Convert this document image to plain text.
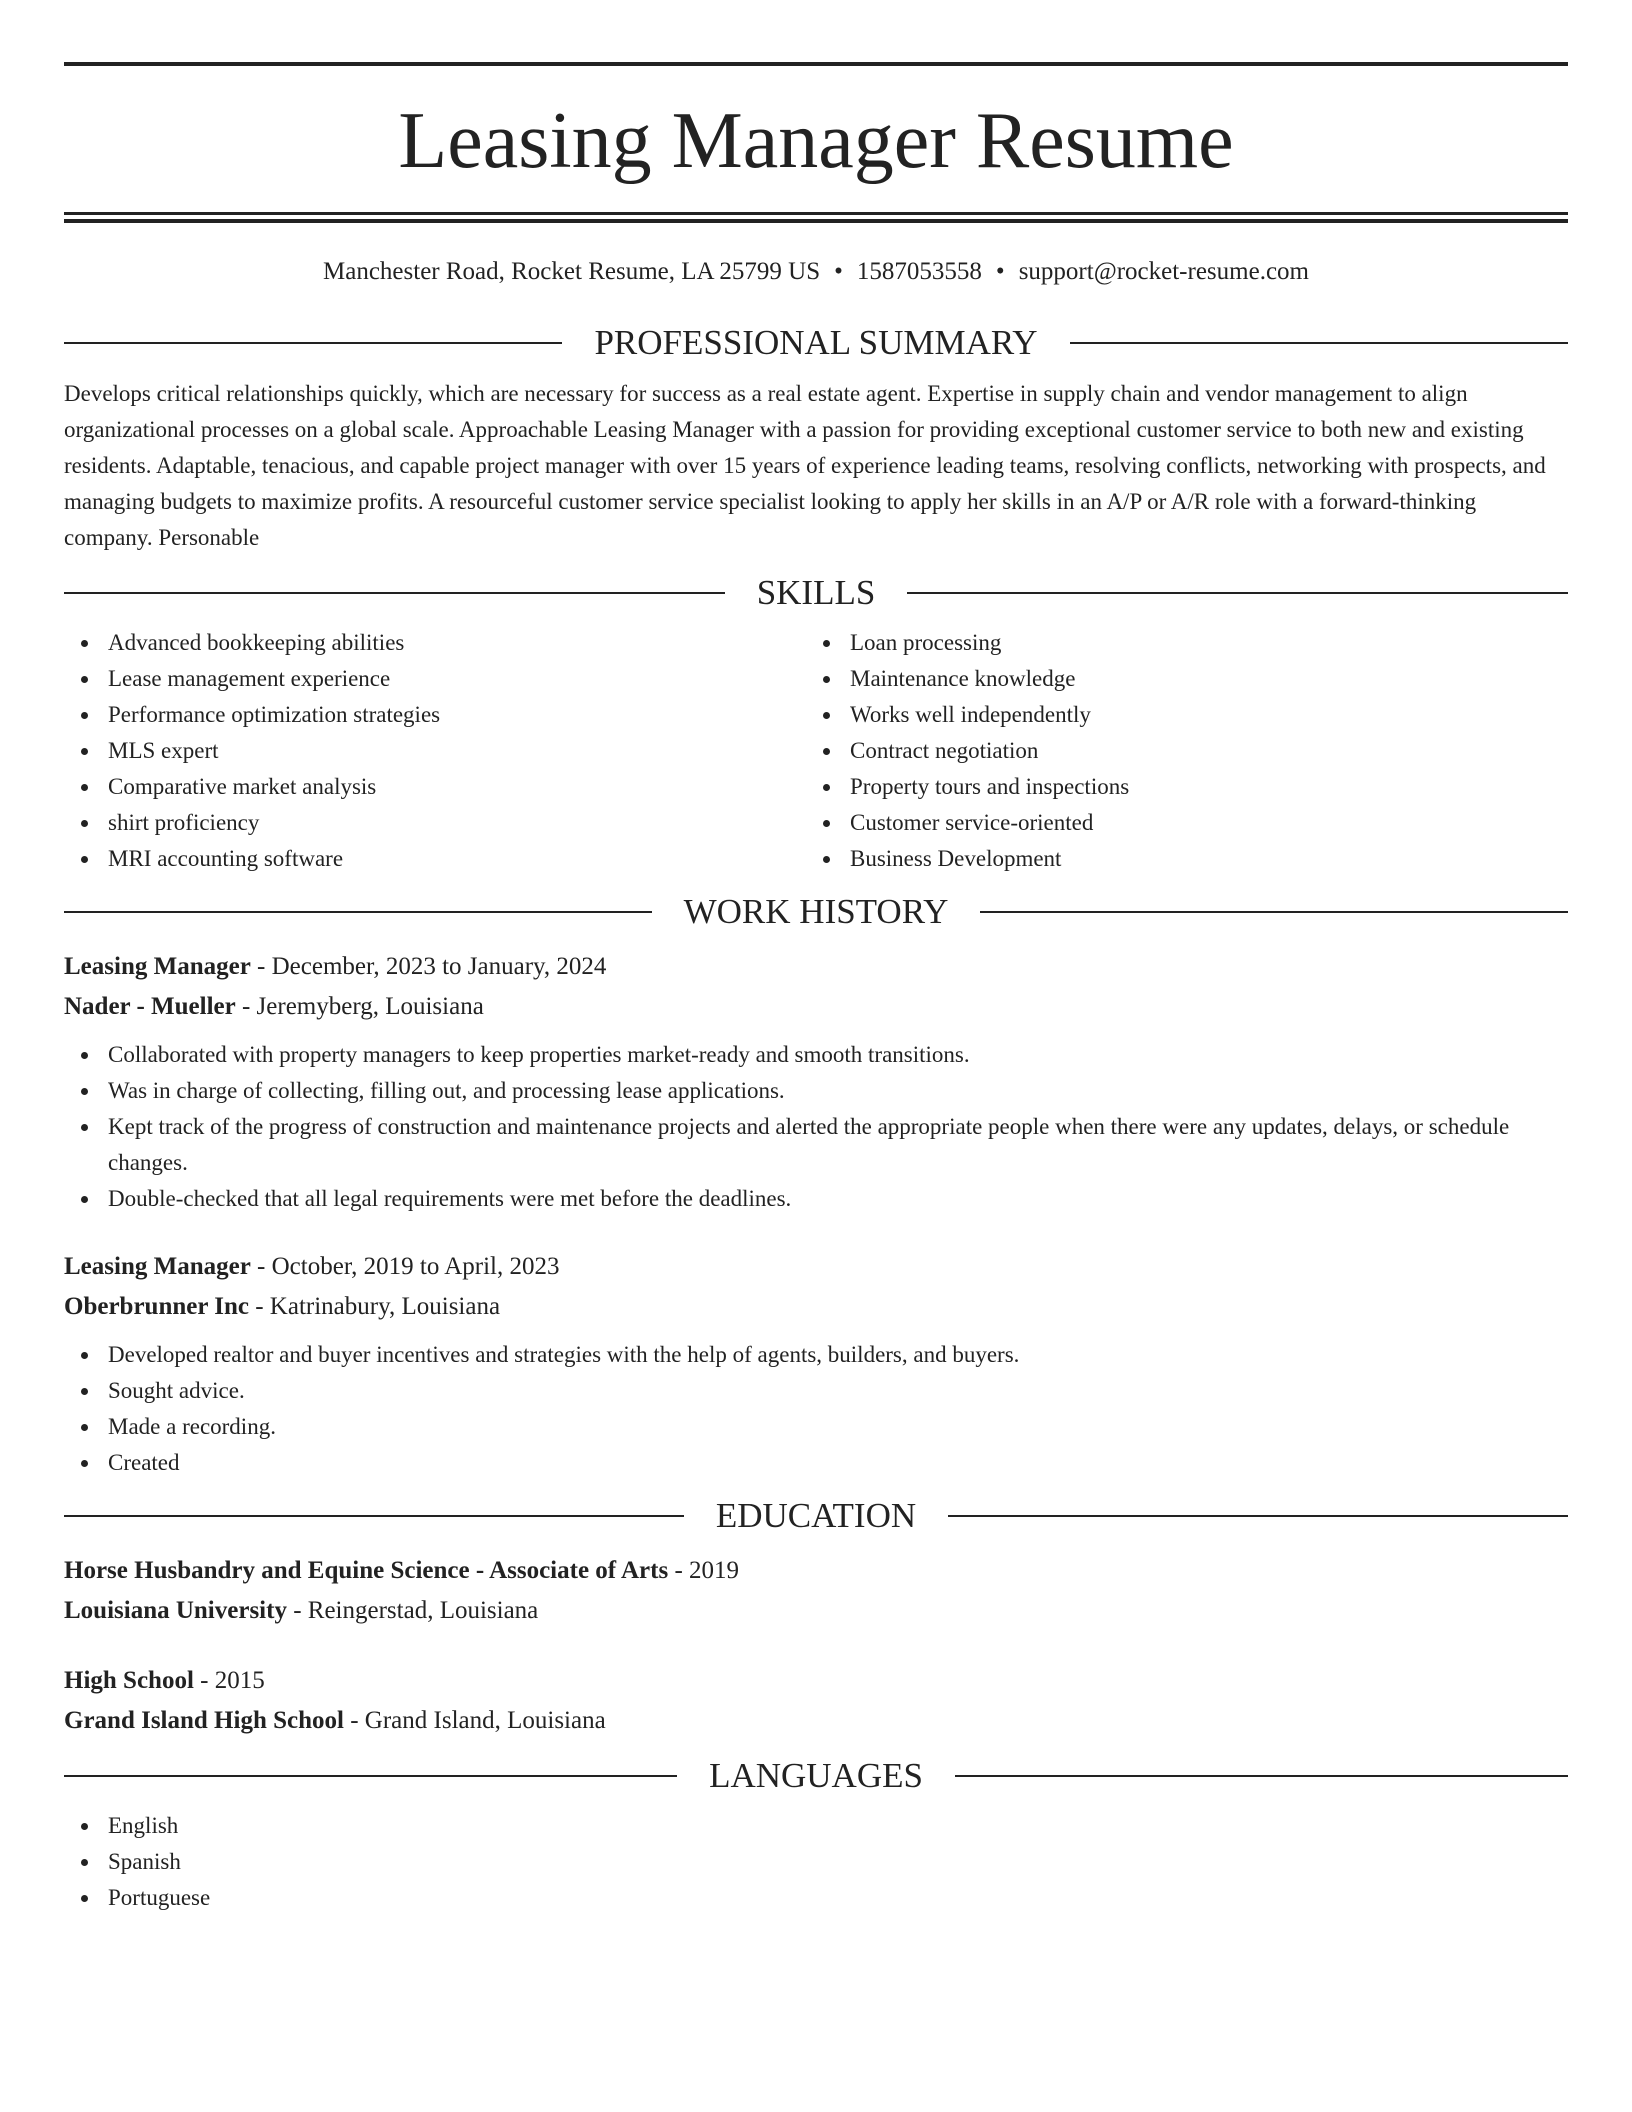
Leasing Manager Resume
Manchester Road, Rocket Resume, LA 25799 US • 1587053558 • support@rocket-resume.com
PROFESSIONAL SUMMARY

Develops critical relationships quickly, which are necessary for success as a real estate agent. Expertise in supply chain and vendor management to align organizational processes on a global scale. Approachable Leasing Manager with a passion for providing exceptional customer service to both new and existing residents. Adaptable, tenacious, and capable project manager with over 15 years of experience leading teams, resolving conflicts, networking with prospects, and managing budgets to maximize profits. A resourceful customer service specialist looking to apply her skills in an A/P or A/R role with a forward-thinking company. Personable

SKILLS
Advanced bookkeeping abilities
Lease management experience
Performance optimization strategies
MLS expert
Comparative market analysis
shirt proficiency
MRI accounting software
Loan processing
Maintenance knowledge
Works well independently
Contract negotiation
Property tours and inspections
Customer service-oriented
Business Development
WORK HISTORY
Leasing Manager - December, 2023 to January, 2024
Nader - Mueller - Jeremyberg, Louisiana
Collaborated with property managers to keep properties market-ready and smooth transitions.
Was in charge of collecting, filling out, and processing lease applications.
Kept track of the progress of construction and maintenance projects and alerted the appropriate people when there were any updates, delays, or schedule changes.
Double-checked that all legal requirements were met before the deadlines.
Leasing Manager - October, 2019 to April, 2023
Oberbrunner Inc - Katrinabury, Louisiana
Developed realtor and buyer incentives and strategies with the help of agents, builders, and buyers.
Sought advice.
Made a recording.
Created
EDUCATION
Horse Husbandry and Equine Science - Associate of Arts - 2019
Louisiana University - Reingerstad, Louisiana
High School - 2015
Grand Island High School - Grand Island, Louisiana
LANGUAGES
English
Spanish
Portuguese
